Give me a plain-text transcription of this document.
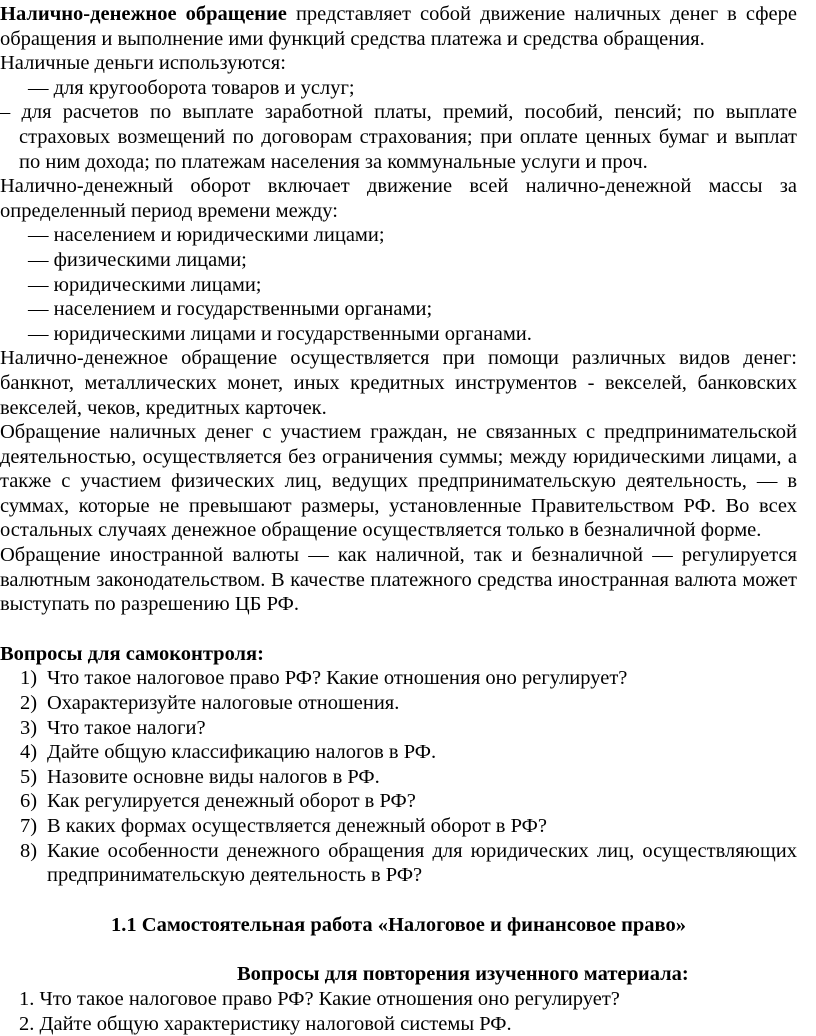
Налично-денежное обращение представляет собой движение наличных денег в сфере обращения и выполнение ими функций средства платежа и средства обращения.

Наличные деньги используются:

— для кругооборота товаров и услуг;

– для расчетов по выплате заработной платы, премий, пособий, пенсий; по выплате страховых возмещений по договорам страхования; при оплате ценных бумаг и выплат по ним дохода; по платежам населения за коммунальные услуги и проч.

Налично-денежный оборот включает движение всей налично-денежной массы за определенный период времени между:

— населением и юридическими лицами;

— физическими лицами;

— юридическими лицами;

— населением и государственными органами;

— юридическими лицами и государственными органами.

Налично-денежное обращение осуществляется при помощи различных видов денег: банкнот, металлических монет, иных кредитных инструментов - векселей, банковских векселей, чеков, кредитных карточек.

Обращение наличных денег с участием граждан, не связанных с предпринимательской деятельностью, осуществляется без ограничения суммы; между юридическими лицами, а также с участием физических лиц, ведущих предпринимательскую деятельность, — в суммах, которые не превышают размеры, установленные Правительством РФ. Во всех остальных случаях денежное обращение осуществляется только в безналичной форме.

Обращение иностранной валюты — как наличной, так и безналичной — регулируется валютным законодательством. В качестве платежного средства иностранная валюта может выступать по разрешению ЦБ РФ.

Вопросы для самоконтроля:

1) Что такое налоговое право РФ? Какие отношения оно регулирует?
2) Охарактеризуйте налоговые отношения.
3) Что такое налоги?
4) Дайте общую классификацию налогов в РФ.
5) Назовите основне виды налогов в РФ.
6) Как регулируется денежный оборот в РФ?
7) В каких формах осуществляется денежный оборот в РФ?
8) Какие особенности денежного обращения для юридических лиц, осуществляющих предпринимательскую деятельность в РФ?

1.1 Самостоятельная работа «Налоговое и финансовое право»

Вопросы для повторения изученного материала:

1. Что такое налоговое право РФ? Какие отношения оно регулирует?

2. Дайте общую характеристику налоговой системы РФ.
